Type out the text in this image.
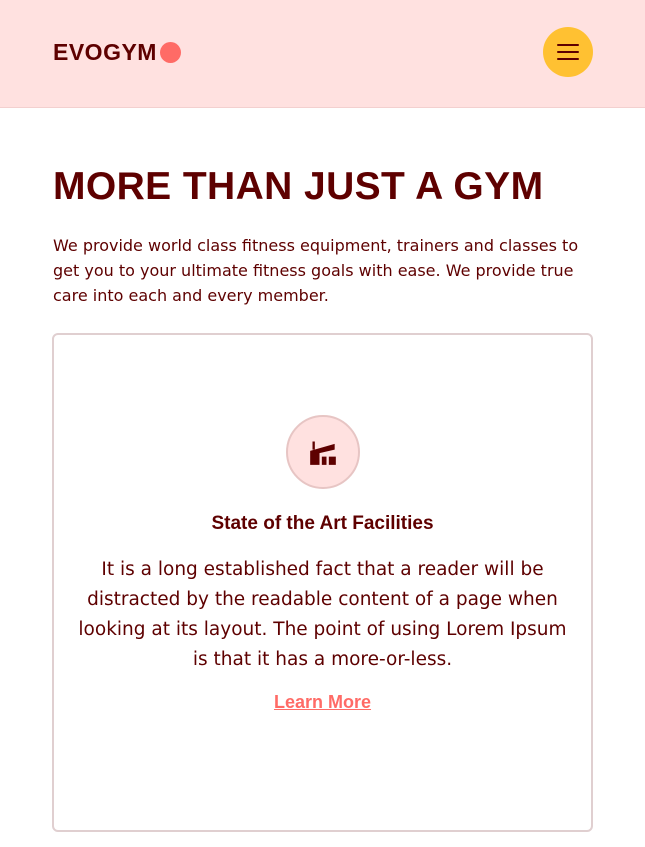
EVOGYM
MORE THAN JUST A GYM

We provide world class fitness equipment, trainers and classes to get you to your ultimate fitness goals with ease. We provide true care into each and every member.

State of the Art Facilities

It is a long established fact that a reader will be distracted by the readable content of a page when looking at its layout. The point of using Lorem Ipsum is that it has a more-or-less.

Learn More
